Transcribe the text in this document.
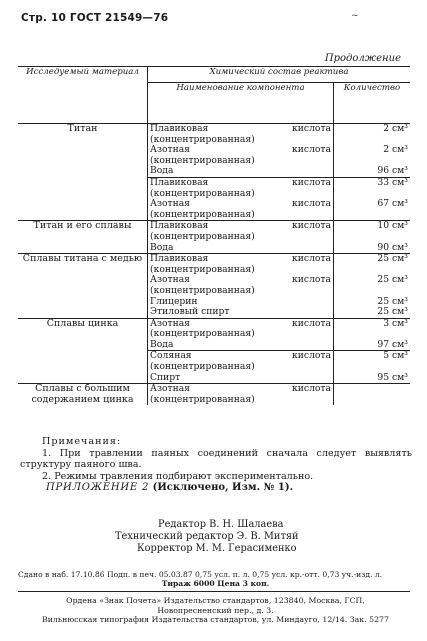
Стр. 10 ГОСТ 21549—76	~
Продолжение
Исследуемый материал	Химический состав реактива	
	Наименование компонента	Количество
Титан	Плавиковая кислота (концентрированная)	2 см³
	Азотная кислота (концентрированная)	2 см³
	Вода	96 см³
	Плавиковая кислота (концентрированная)	33 см³
	Азотная кислота (концентрированная)	67 см³
Титан и его сплавы	Плавиковая кислота (концентрированная)	10 см³
	Вода	90 см³
Сплавы титана с медью	Плавиковая кислота (концентрированная)	25 см³
	Азотная кислота (концентрированная)	25 см³
	Глицерин	25 см³
	Этиловый спирт	25 см³
Сплавы цинка	Азотная кислота (концентрированная)	3 см³
	Вода	97 см³
	Соляная кислота (концентрированная)	5 см³
	Спирт	95 см³
Сплавы с большим содержанием цинка	Азотная кислота (концентрированная)	
Примечания:
1. При травлении паяных соединений сначала следует выявлять структуру паяного шва.
2. Режимы травления подбирают экспериментально.
ПРИЛОЖЕНИЕ 2 (Исключено, Изм. № 1).
Редактор В. Н. Шалаева
Технический редактор Э. В. Митяй
Корректор М. М. Герасименко
Сдано в наб. 17.10.86 Подп. в печ. 05.03.87 0,75 усл. п. л. 0,75 усл. кр.-отт. 0,73 уч.-изд. л.
Тираж 6000 Цена 3 коп.
Ордена «Знак Почета» Издательство стандартов, 123840, Москва, ГСП,
Новопресненский пер., д. 3.
Вильнюсская типография Издательства стандартов, ул. Миндауго, 12/14. Зак. 5277
